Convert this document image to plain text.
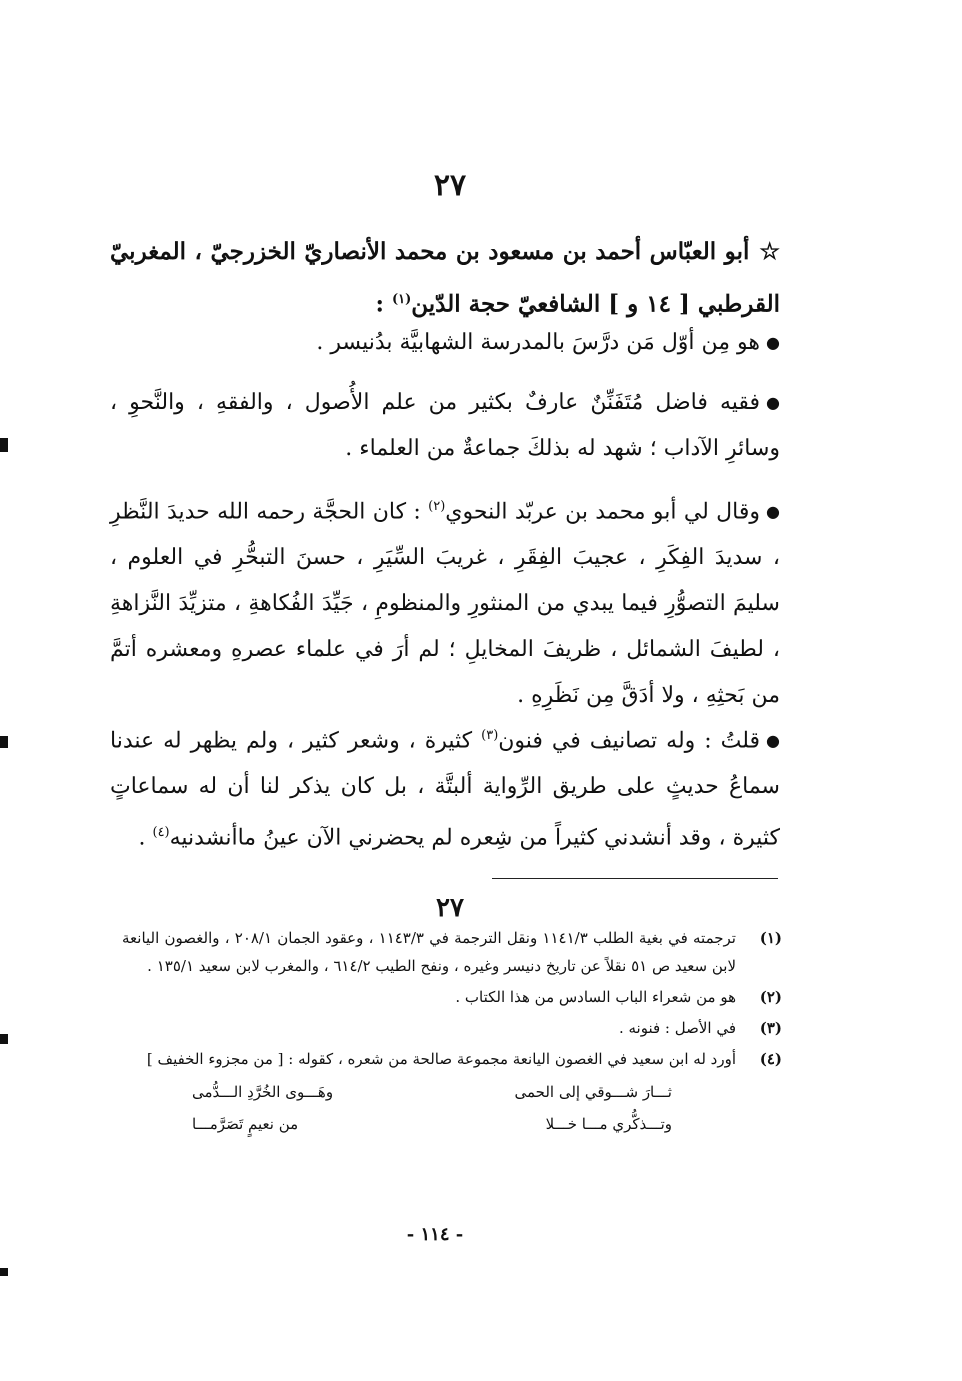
٢٧
☆أبو العبّاس أحمد بن مسعود بن محمد الأنصاريّ الخزرجيّ ، المغربيّ القرطبي [ ١٤ و ] الشافعيّ حجة الدّين$^{(١)}$ :
●هو مِن أوّل مَن درَّسَ بالمدرسة الشهابيَّة بدُنيسر .
●فقيه فاضل مُتَفَنِّنٌ عارفٌ بكثير من علم الأُصول ، والفقهِ ، والنَّحوِ ، وسائرِ الآداب ؛ شهد له بذلكَ جماعةٌ من العلماء .
●وقال لي أبو محمد بن عربّد النحوي$^{(٢)}$ : كان الحجَّة رحمه الله حديدَ النَّظرِ ، سديدَ الفِكَرِ ، عجيبَ الفِقَرِ ، غريبَ السِّيَرِ ، حسنَ التبحُّرِ في العلوم ، سليمَ التصوُّرِ فيما يبدي من المنثورِ والمنظومِ ، جَيِّدَ الفُكاهةِ ، متزيِّدَ النَّزاهةِ ، لطيفَ الشمائل ، ظريفَ المخايلِ ؛ لم أرَ في علماء عصرهِ ومعشره أتمَّ من بَحثِهِ ، ولا أدَقَّ مِن نَظَرِهِ .
●قلتُ : وله تصانيف في فنون$^{(٣)}$ كثيرة ، وشعر كثير ، ولم يظهر له عندنا سماعُ حديثٍ على طريق الرِّواية ألبتَّة ، بل كان يذكر لنا أن له سماعاتٍ كثيرة ، وقد أنشدني كثيراً من شِعره لم يحضرني الآن عينُ ماأنشدنيه$^{(٤)}$ .
٢٧
(١)
ترجمته في بغية الطلب ١١٤١/٣ ونقل الترجمة في ١١٤٣/٣ ، وعقود الجمان ٢٠٨/١ ، والغصون اليانعة لابن سعيد ص ٥١ نقلاً عن تاريخ دنيسر وغيره ، ونفح الطيب ٦١٤/٢ ، والمغرب لابن سعيد ١٣٥/١ .
(٢)
هو من شعراء الباب السادس من هذا الكتاب .
(٣)
في الأصل : فنونه .
(٤)
أورد له ابن سعيد في الغصون اليانعة مجموعة صالحة من شعره ، كقوله : [ من مجزوء الخفيف ]
ثـــارَ شـــوقي إلى الحمى
وهَـــوى الخُرَّدِ الـــدُّمى
وتـــذكُّري مـــا خـــلا
من نعيمٍ تَصَرَّمـــا
- ١١٤ -
